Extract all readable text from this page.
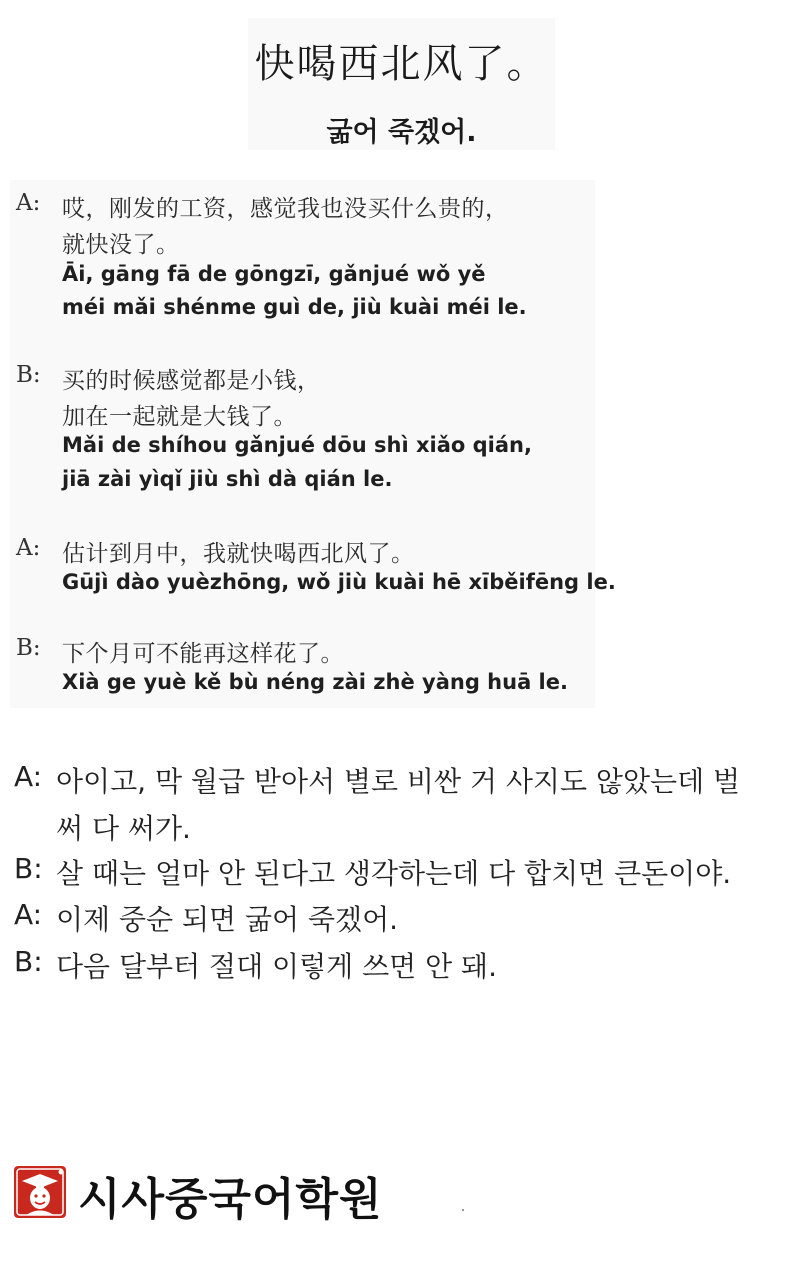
快喝西北风了。
굶어 죽겠어.
A: 哎，刚发的工资，感觉我也没买什么贵的，
就快没了。
Āi, gāng fā de gōngzī, gǎnjué wǒ yě
méi mǎi shénme guì de, jiù kuài méi le.
B: 买的时候感觉都是小钱，
加在一起就是大钱了。
Mǎi de shíhou gǎnjué dōu shì xiǎo qián,
jiā zài yìqǐ jiù shì dà qián le.
A: 估计到月中，我就快喝西北风了。
Gūjì dào yuèzhōng, wǒ jiù kuài hē xīběifēng le.
B: 下个月可不能再这样花了。
Xià ge yuè kě bù néng zài zhè yàng huā le.
A: 아이고, 막 월급 받아서 별로 비싼 거 사지도 않았는데 벌
써 다 써가.
B: 살 때는 얼마 안 된다고 생각하는데 다 합치면 큰돈이야.
A: 이제 중순 되면 굶어 죽겠어.
B: 다음 달부터 절대 이렇게 쓰면 안 돼.
시사중국어학원
